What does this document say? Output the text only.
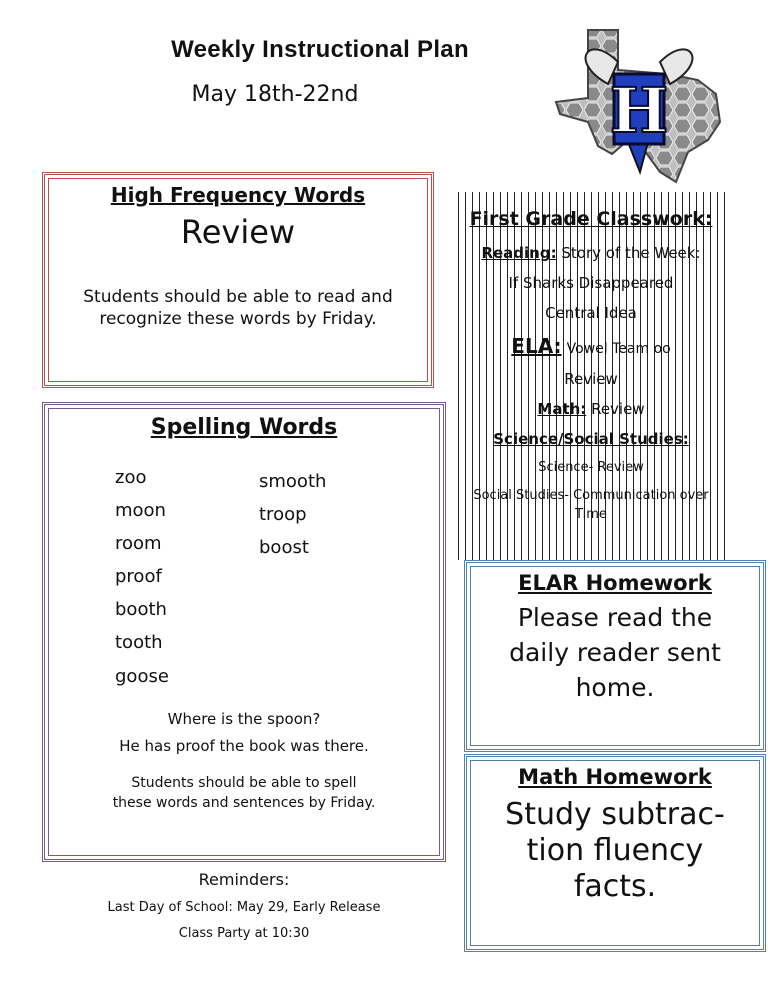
Weekly Instructional Plan
May 18th-22nd	H
High Frequency Words
Review
Students should be able to read and
recognize these words by Friday.
Spelling Words
zoo
moon
room
proof
booth
tooth
goose
smooth
troop
boost
Where is the spoon?
He has proof the book was there.
Students should be able to spell
these words and sentences by Friday.
First Grade Classwork:
Reading: Story of the Week:
If Sharks Disappeared
Central Idea
ELA: Vowel Team oo
Review
Math: Review
Science/Social Studies:
Science- Review
Social Studies- Communication over
Time
ELAR Homework
Please read the
daily reader sent
home.
Math Homework
Study subtrac-
tion fluency
facts.
Reminders:
Last Day of School: May 29, Early Release
Class Party at 10:30
